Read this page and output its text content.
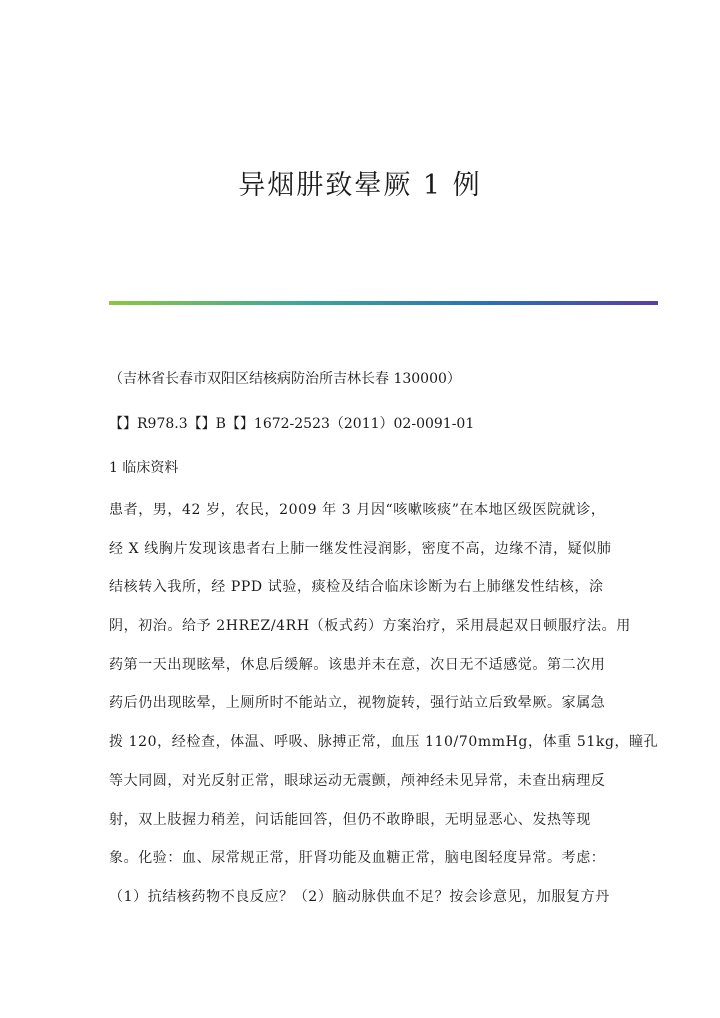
异烟肼致晕厥 1 例

（吉林省长春市双阳区结核病防治所吉林长春 130000）

【】R978.3【】B【】1672-2523（2011）02-0091-01

1 临床资料

患者，男，42 岁，农民，2009 年 3 月因“咳嗽咳痰”在本地区级医院就诊，
经 X 线胸片发现该患者右上肺一继发性浸润影，密度不高，边缘不清，疑似肺
结核转入我所，经 PPD 试验，痰检及结合临床诊断为右上肺继发性结核，涂
阴，初治。给予 2HREZ/4RH（板式药）方案治疗，采用晨起双日顿服疗法。用
药第一天出现眩晕，休息后缓解。该患并未在意，次日无不适感觉。第二次用
药后仍出现眩晕，上厕所时不能站立，视物旋转，强行站立后致晕厥。家属急
拨 120，经检查，体温、呼吸、脉搏正常，血压 110/70mmHg，体重 51kg，瞳孔
等大同圆，对光反射正常，眼球运动无震颤，颅神经未见异常，未查出病理反
射，双上肢握力稍差，问话能回答，但仍不敢睁眼，无明显恶心、发热等现
象。化验：血、尿常规正常，肝肾功能及血糖正常，脑电图轻度异常。考虑：
（1）抗结核药物不良反应？（2）脑动脉供血不足？按会诊意见，加服复方丹
